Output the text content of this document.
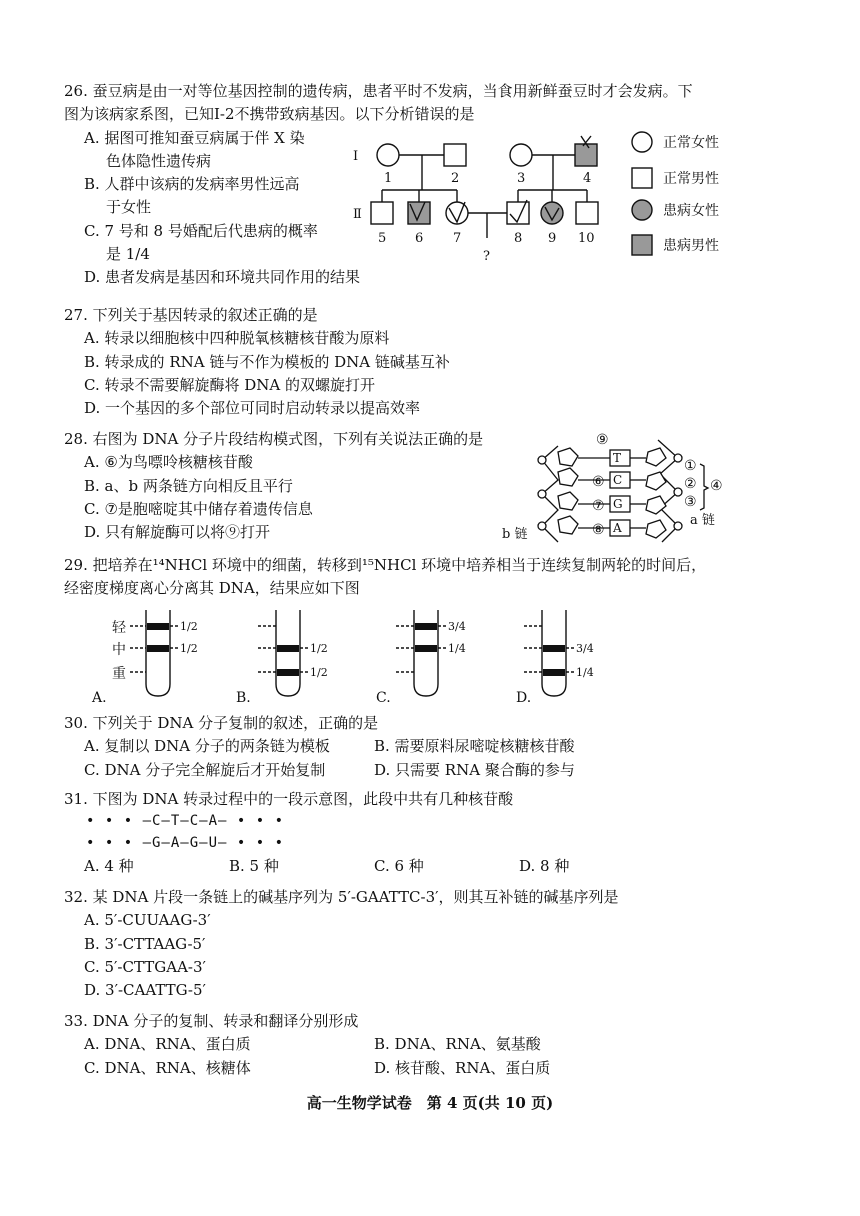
26. 蚕豆病是由一对等位基因控制的遗传病，患者平时不发病，当食用新鲜蚕豆时才会发病。下
图为该病家系图，已知Ⅰ-2不携带致病基因。以下分析错误的是
A. 据图可推知蚕豆病属于伴 X 染
色体隐性遗传病
B. 人群中该病的发病率男性远高
于女性
C. 7 号和 8 号婚配后代患病的概率
是 1/4
D. 患者发病是基因和环境共同作用的结果
Ⅰ
Ⅱ
1	2	3	4
5 6 7	8 9 10
?
正常女性
正常男性
患病女性
患病男性
27. 下列关于基因转录的叙述正确的是
A. 转录以细胞核中四种脱氧核糖核苷酸为原料
B. 转录成的 RNA 链与不作为模板的 DNA 链碱基互补
C. 转录不需要解旋酶将 DNA 的双螺旋打开
D. 一个基因的多个部位可同时启动转录以提高效率
28. 右图为 DNA 分子片段结构模式图，下列有关说法正确的是
A. ⑥为鸟嘌呤核糖核苷酸
B. a、b 两条链方向相反且平行
C. ⑦是胞嘧啶其中储存着遗传信息
D. 只有解旋酶可以将⑨打开
T
C
G
A
⑨
⑥
⑦
⑧
①
②
③
④
a 链
b 链
29. 把培养在¹⁴NHCl 环境中的细菌，转移到¹⁵NHCl 环境中培养相当于连续复制两轮的时间后，
经密度梯度离心分离其 DNA，结果应如下图
轻
中
重
A.	B.	C.	D.
1/2
1/2	1/2
1/2
3/4
1/4	3/4
1/4
30. 下列关于 DNA 分子复制的叙述，正确的是
A. 复制以 DNA 分子的两条链为模板	B. 需要原料尿嘧啶核糖核苷酸
C. DNA 分子完全解旋后才开始复制	D. 只需要 RNA 聚合酶的参与
31. 下图为 DNA 转录过程中的一段示意图，此段中共有几种核苷酸
• • • —C—T—C—A— • • •
• • • —G—A—G—U— • • •
A. 4 种	B. 5 种	C. 6 种	D. 8 种
32. 某 DNA 片段一条链上的碱基序列为 5′-GAATTC-3′，则其互补链的碱基序列是
A. 5′-CUUAAG-3′
B. 3′-CTTAAG-5′
C. 5′-CTTGAA-3′
D. 3′-CAATTG-5′
33. DNA 分子的复制、转录和翻译分别形成
A. DNA、RNA、蛋白质	B. DNA、RNA、氨基酸
C. DNA、RNA、核糖体	D. 核苷酸、RNA、蛋白质
高一生物学试卷　第 4 页(共 10 页)
